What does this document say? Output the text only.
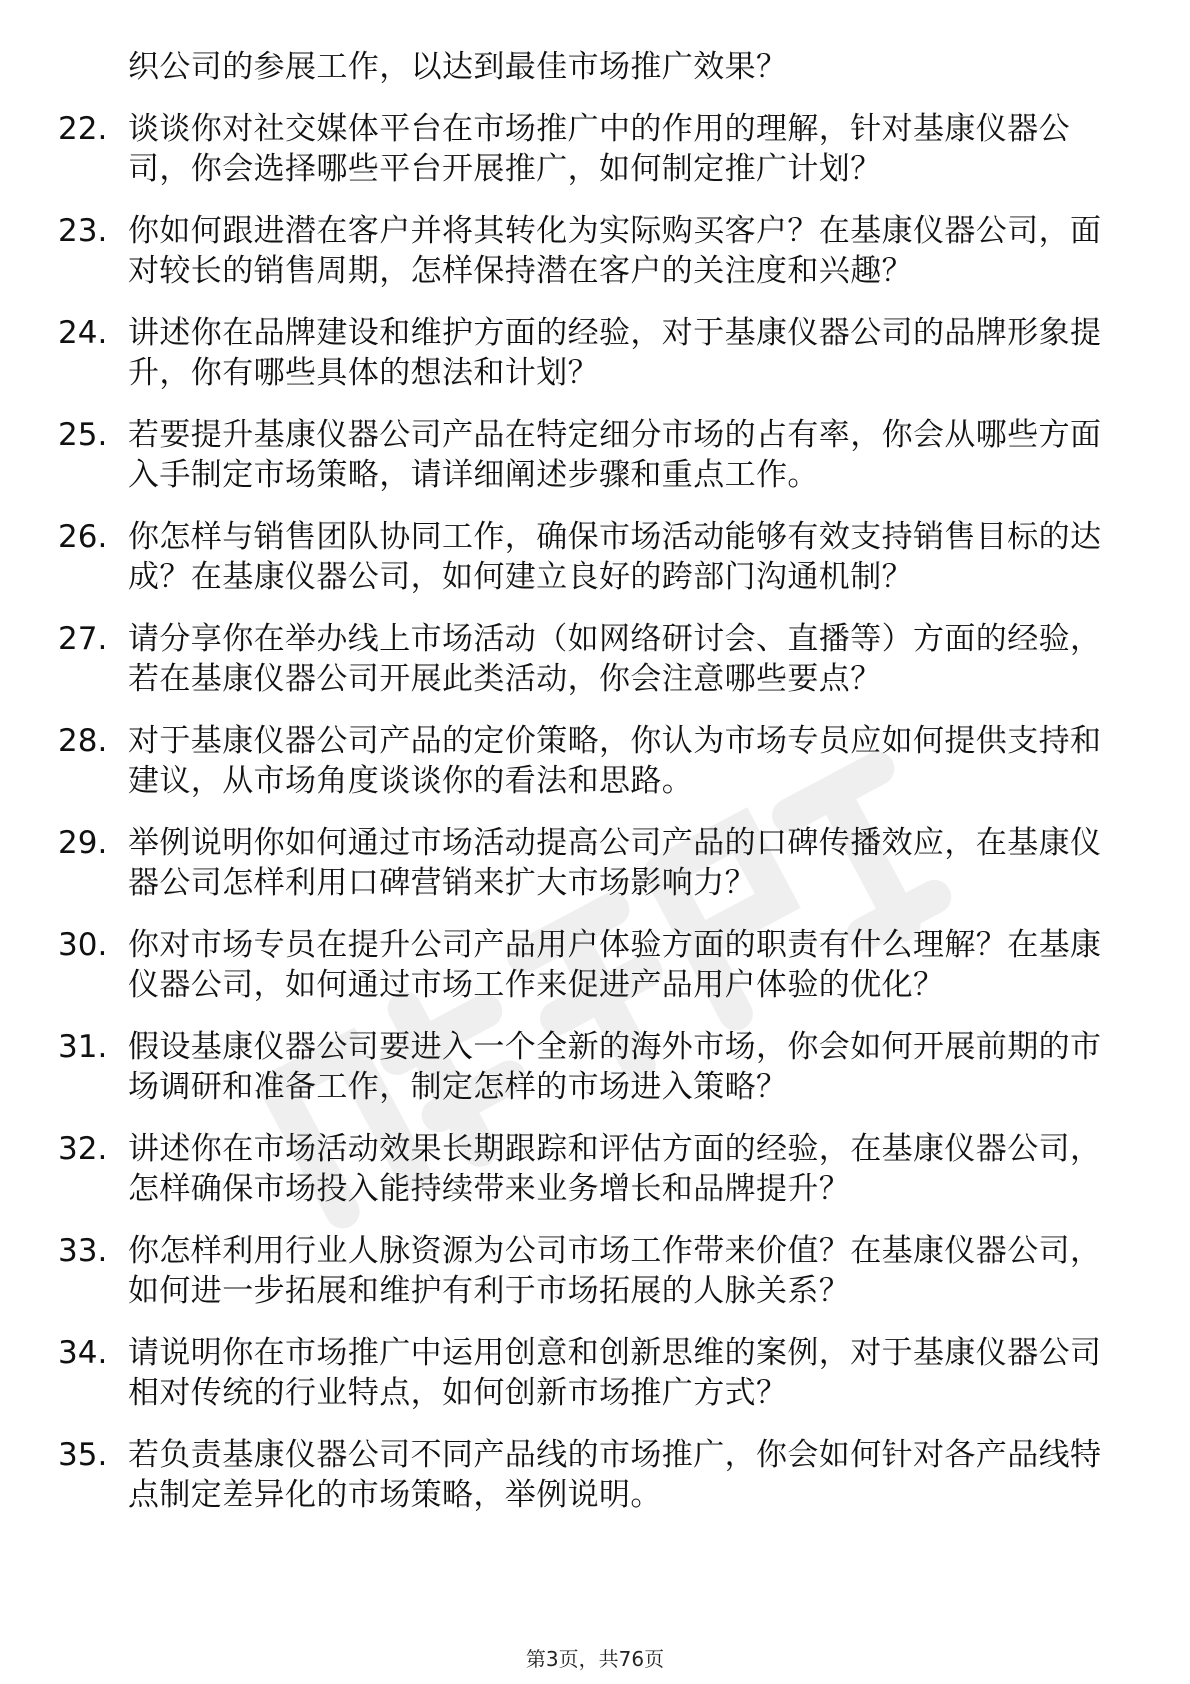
织公司的参展工作，以达到最佳市场推广效果？
22. 谈谈你对社交媒体平台在市场推广中的作用的理解，针对基康仪器公司，你会选择哪些平台开展推广，如何制定推广计划？
23. 你如何跟进潜在客户并将其转化为实际购买客户？在基康仪器公司，面对较长的销售周期，怎样保持潜在客户的关注度和兴趣？
24. 讲述你在品牌建设和维护方面的经验，对于基康仪器公司的品牌形象提升，你有哪些具体的想法和计划？
25. 若要提升基康仪器公司产品在特定细分市场的占有率，你会从哪些方面入手制定市场策略，请详细阐述步骤和重点工作。
26. 你怎样与销售团队协同工作，确保市场活动能够有效支持销售目标的达成？在基康仪器公司，如何建立良好的跨部门沟通机制？
27. 请分享你在举办线上市场活动（如网络研讨会、直播等）方面的经验，若在基康仪器公司开展此类活动，你会注意哪些要点？
28. 对于基康仪器公司产品的定价策略，你认为市场专员应如何提供支持和建议，从市场角度谈谈你的看法和思路。
29. 举例说明你如何通过市场活动提高公司产品的口碑传播效应，在基康仪器公司怎样利用口碑营销来扩大市场影响力？
30. 你对市场专员在提升公司产品用户体验方面的职责有什么理解？在基康仪器公司，如何通过市场工作来促进产品用户体验的优化？
31. 假设基康仪器公司要进入一个全新的海外市场，你会如何开展前期的市场调研和准备工作，制定怎样的市场进入策略？
32. 讲述你在市场活动效果长期跟踪和评估方面的经验，在基康仪器公司，怎样确保市场投入能持续带来业务增长和品牌提升？
33. 你怎样利用行业人脉资源为公司市场工作带来价值？在基康仪器公司，如何进一步拓展和维护有利于市场拓展的人脉关系？
34. 请说明你在市场推广中运用创意和创新思维的案例，对于基康仪器公司相对传统的行业特点，如何创新市场推广方式？
35. 若负责基康仪器公司不同产品线的市场推广，你会如何针对各产品线特点制定差异化的市场策略，举例说明。
第3页，共76页
